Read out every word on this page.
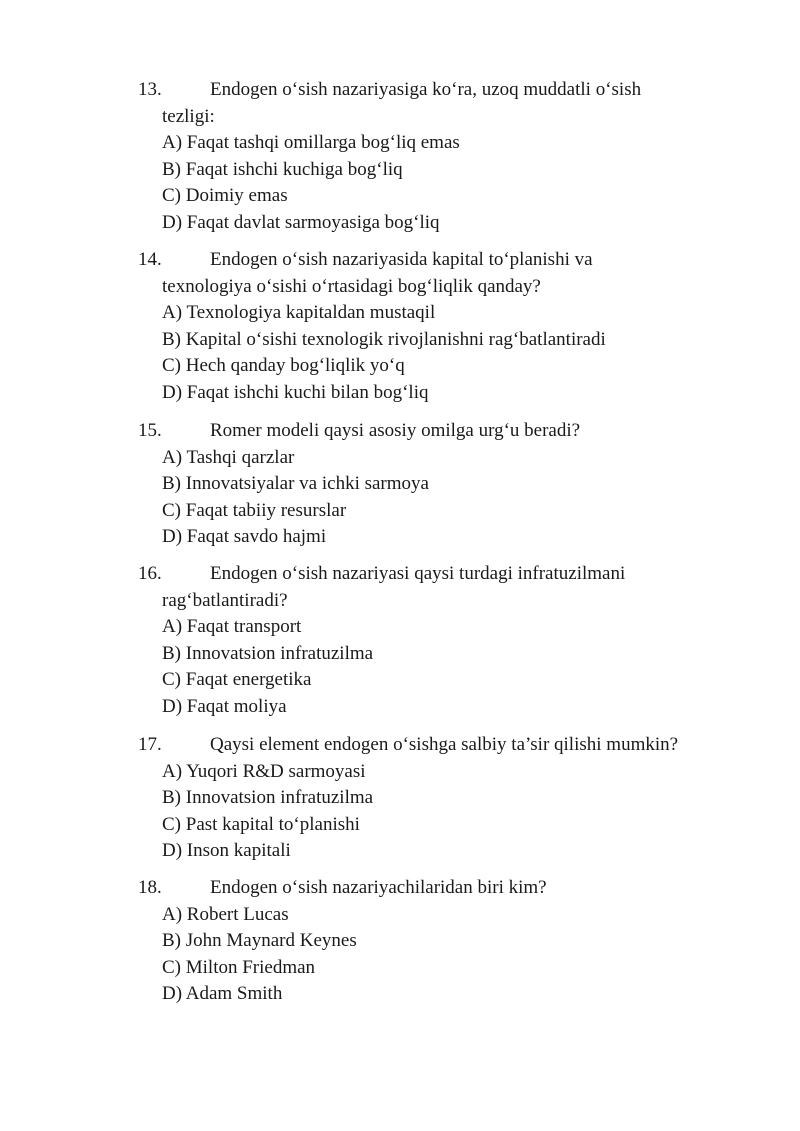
13.	Endogen o‘sish nazariyasiga ko‘ra, uzoq muddatli o‘sish
tezligi:
A) Faqat tashqi omillarga bog‘liq emas
B) Faqat ishchi kuchiga bog‘liq
C) Doimiy emas
D) Faqat davlat sarmoyasiga bog‘liq
14.	Endogen o‘sish nazariyasida kapital to‘planishi va
texnologiya o‘sishi o‘rtasidagi bog‘liqlik qanday?
A) Texnologiya kapitaldan mustaqil
B) Kapital o‘sishi texnologik rivojlanishni rag‘batlantiradi
C) Hech qanday bog‘liqlik yo‘q
D) Faqat ishchi kuchi bilan bog‘liq
15.	Romer modeli qaysi asosiy omilga urg‘u beradi?
A) Tashqi qarzlar
B) Innovatsiyalar va ichki sarmoya
C) Faqat tabiiy resurslar
D) Faqat savdo hajmi
16.	Endogen o‘sish nazariyasi qaysi turdagi infratuzilmani
rag‘batlantiradi?
A) Faqat transport
B) Innovatsion infratuzilma
C) Faqat energetika
D) Faqat moliya
17.	Qaysi element endogen o‘sishga salbiy ta’sir qilishi mumkin?
A) Yuqori R&D sarmoyasi
B) Innovatsion infratuzilma
C) Past kapital to‘planishi
D) Inson kapitali
18.	Endogen o‘sish nazariyachilaridan biri kim?
A) Robert Lucas
B) John Maynard Keynes
C) Milton Friedman
D) Adam Smith
